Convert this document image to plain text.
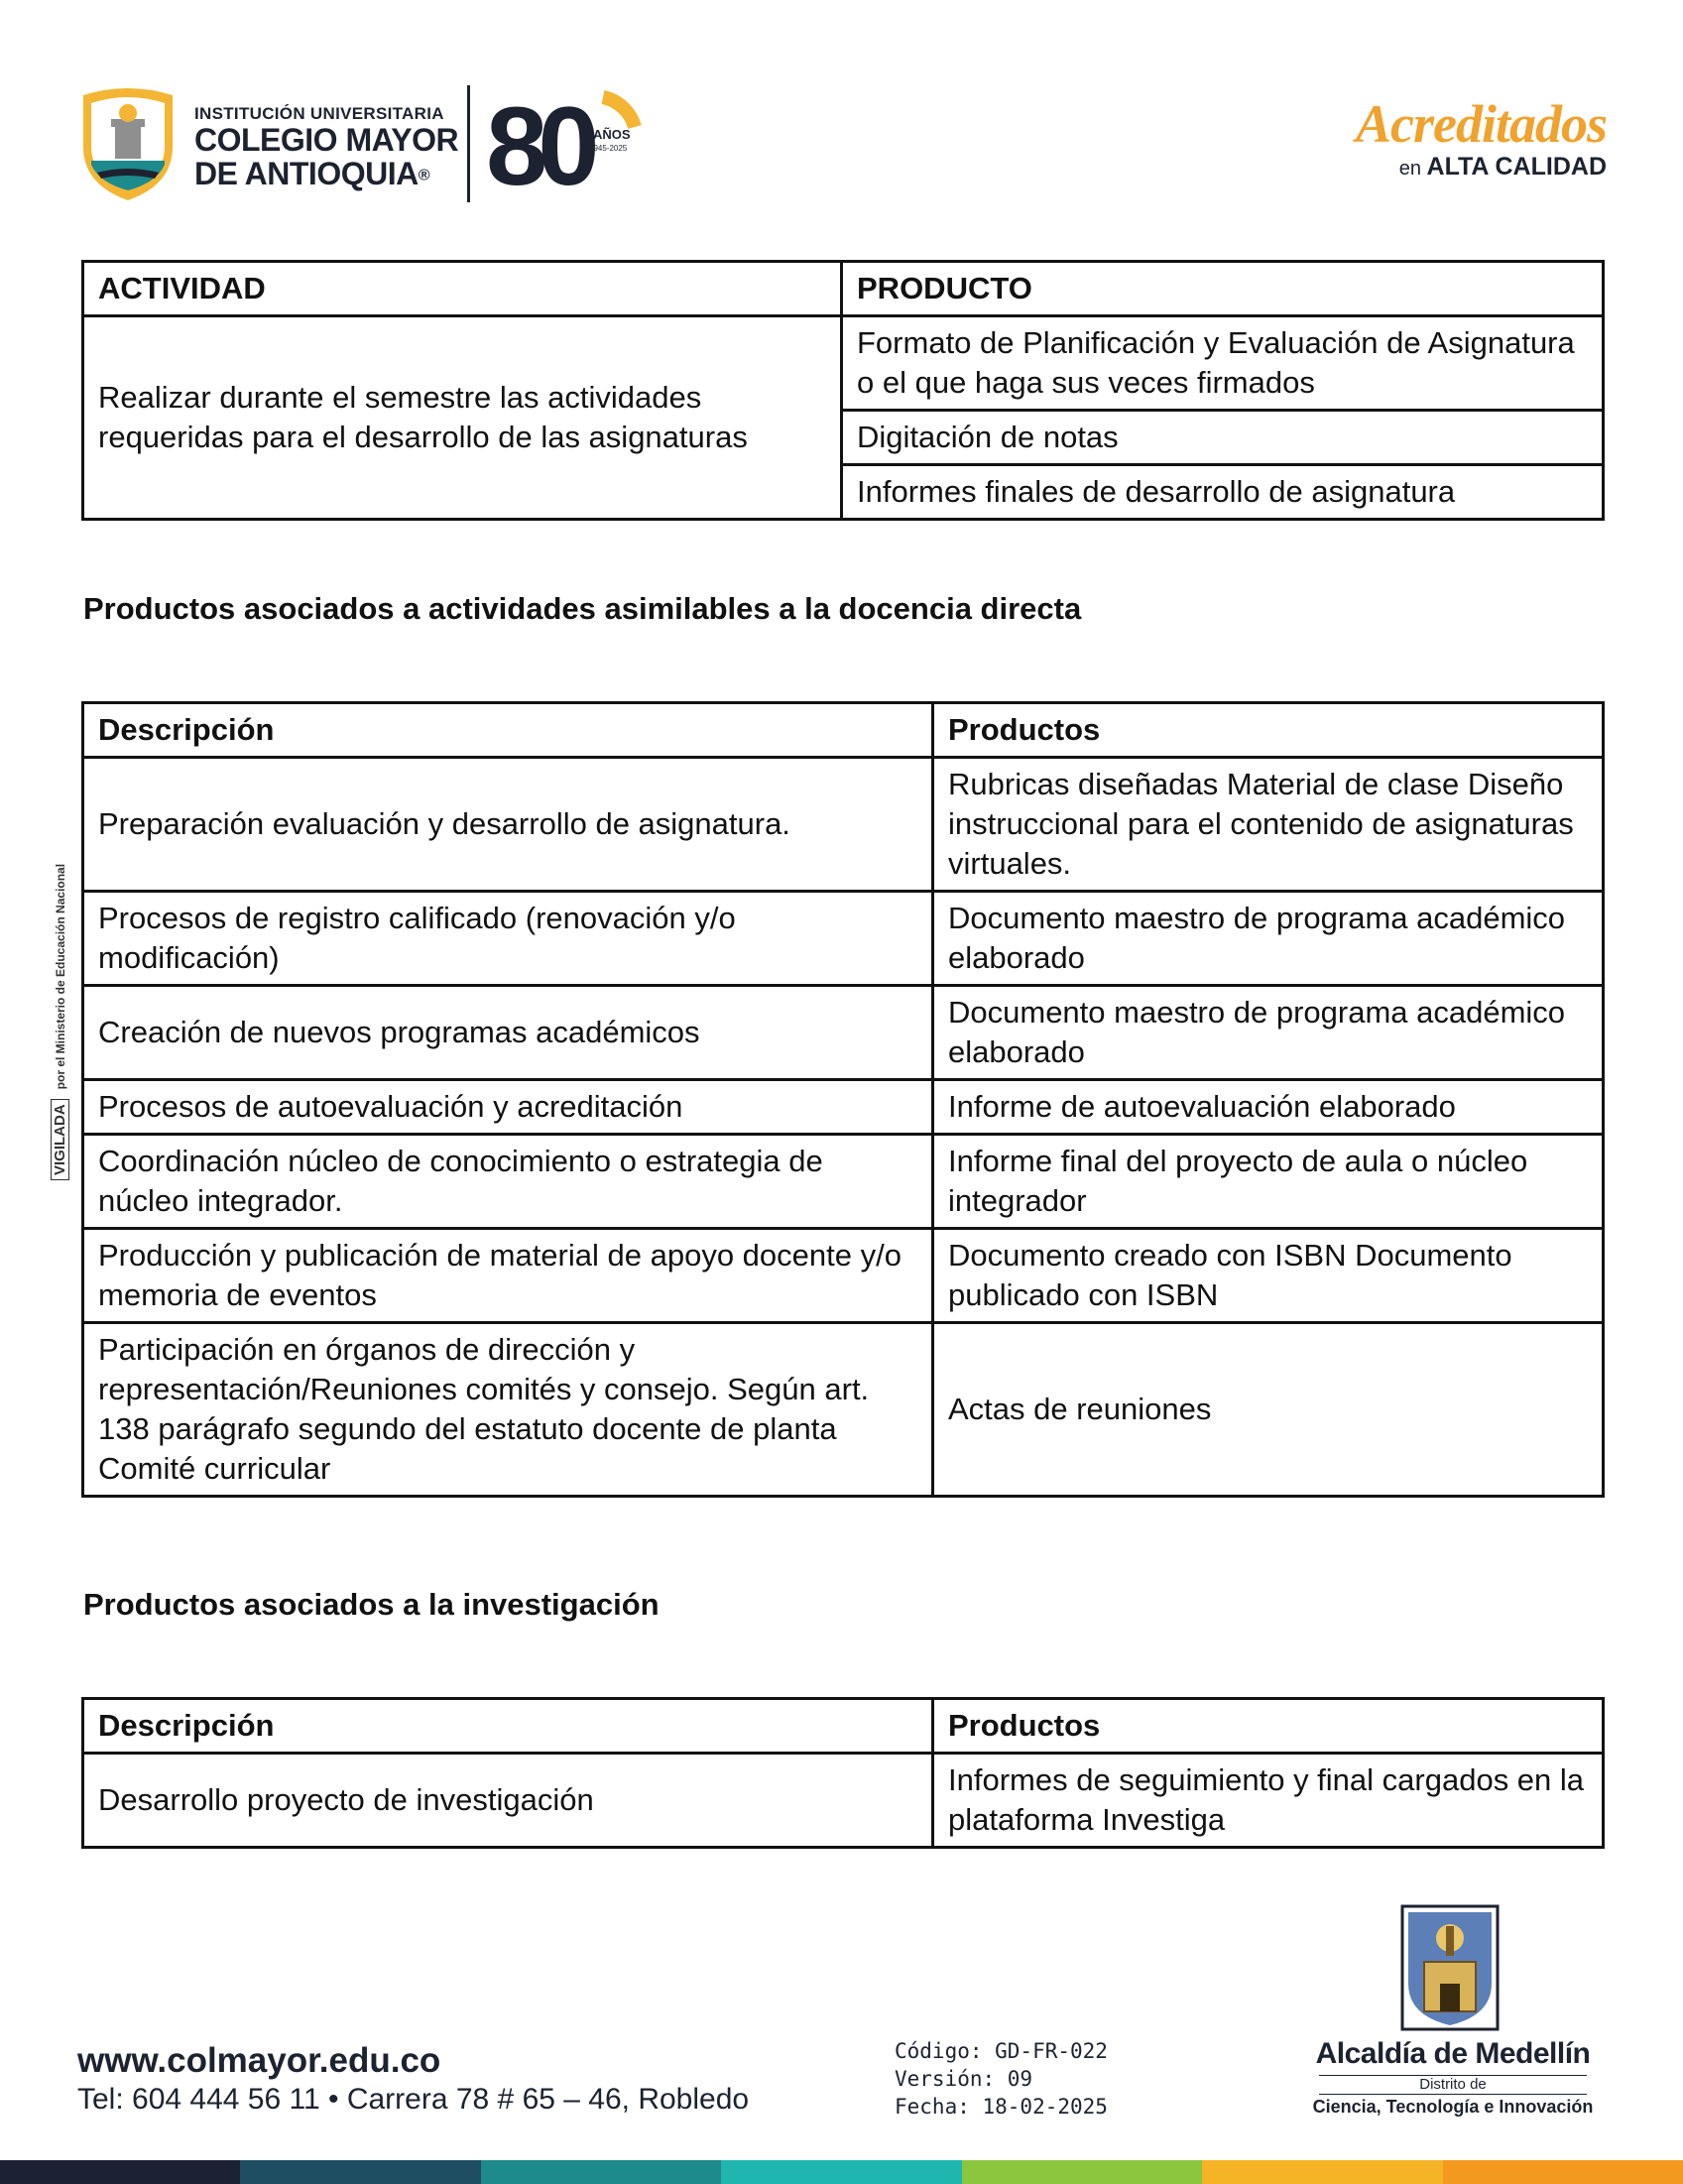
INSTITUCIÓN UNIVERSITARIA
COLEGIO MAYOR
DE ANTIOQUIA® 80 AÑOS
1945-2025	Acreditados
en ALTA CALIDAD
VIGILADApor el Ministerio de Educación Nacional
ACTIVIDAD	PRODUCTO
Realizar durante el semestre las actividades requeridas para el desarrollo de las asignaturas	Formato de Planificación y Evaluación de Asignatura o el que haga sus veces firmados
	Digitación de notas
	Informes finales de desarrollo de asignatura
Productos asociados a actividades asimilables a la docencia directa
Descripción	Productos
Preparación evaluación y desarrollo de asignatura.	Rubricas diseñadas Material de clase Diseño instruccional para el contenido de asignaturas virtuales.
Procesos de registro calificado (renovación y/o modificación)	Documento maestro de programa académico elaborado
Creación de nuevos programas académicos	Documento maestro de programa académico elaborado
Procesos de autoevaluación y acreditación	Informe de autoevaluación elaborado
Coordinación núcleo de conocimiento o estrategia de núcleo integrador.	Informe final del proyecto de aula o núcleo integrador
Producción y publicación de material de apoyo docente y/o memoria de eventos	Documento creado con ISBN Documento publicado con ISBN
Participación en órganos de dirección y representación/Reuniones comités y consejo. Según art. 138 parágrafo segundo del estatuto docente de planta Comité curricular	Actas de reuniones
Productos asociados a la investigación
Descripción	Productos
Desarrollo proyecto de investigación	Informes de seguimiento y final cargados en la plataforma Investiga
www.colmayor.edu.co
Tel: 604 444 56 11 • Carrera 78 # 65 – 46, Robledo
Código: GD-FR-022
Versión: 09
Fecha: 18-02-2025
Alcaldía de Medellín
Distrito de
Ciencia, Tecnología e Innovación
